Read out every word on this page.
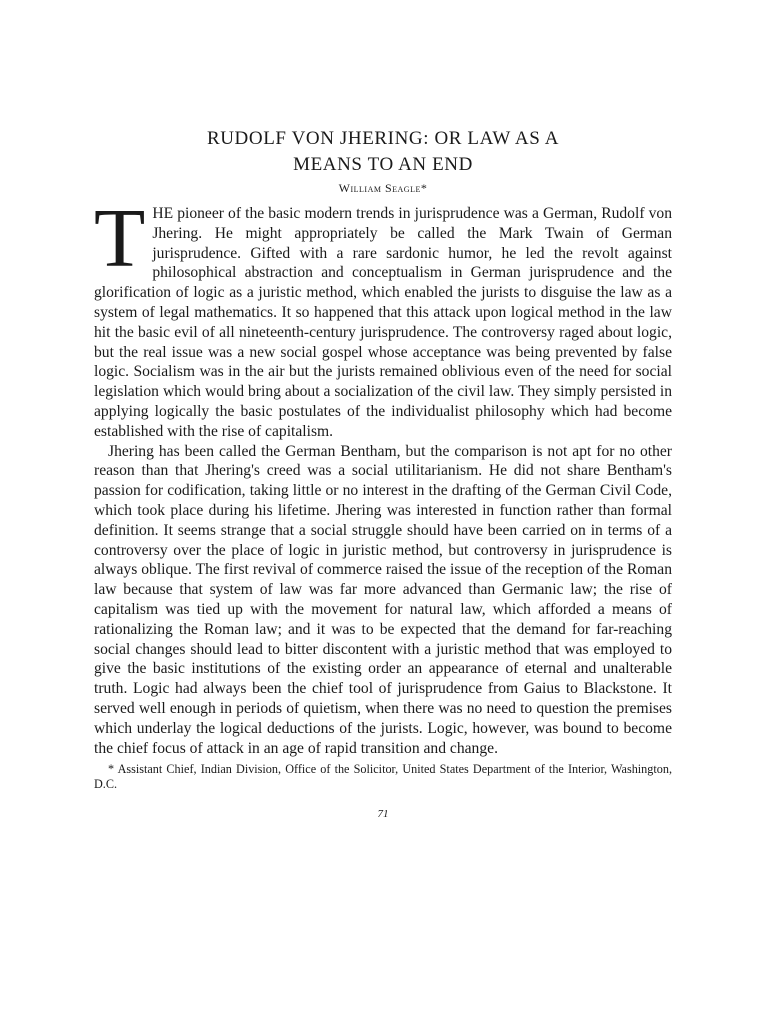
RUDOLF VON JHERING: OR LAW AS A
MEANS TO AN END
William Seagle*

THE pioneer of the basic modern trends in jurisprudence was a German, Rudolf von Jhering. He might appropriately be called the Mark Twain of German jurisprudence. Gifted with a rare sardonic humor, he led the revolt against philosophical abstraction and conceptualism in German jurisprudence and the glorification of logic as a juristic method, which enabled the jurists to disguise the law as a system of legal mathematics. It so happened that this attack upon logical method in the law hit the basic evil of all nineteenth-century jurisprudence. The controversy raged about logic, but the real issue was a new social gospel whose acceptance was being prevented by false logic. Socialism was in the air but the jurists remained oblivious even of the need for social legislation which would bring about a socialization of the civil law. They simply persisted in applying logically the basic postulates of the individualist philosophy which had become established with the rise of capitalism.

Jhering has been called the German Bentham, but the comparison is not apt for no other reason than that Jhering's creed was a social utilitarianism. He did not share Bentham's passion for codification, taking little or no interest in the drafting of the German Civil Code, which took place during his lifetime. Jhering was interested in function rather than formal definition. It seems strange that a social struggle should have been carried on in terms of a controversy over the place of logic in juristic method, but controversy in jurisprudence is always oblique. The first revival of commerce raised the issue of the reception of the Roman law because that system of law was far more advanced than Germanic law; the rise of capitalism was tied up with the movement for natural law, which afforded a means of rationalizing the Roman law; and it was to be expected that the demand for far-reaching social changes should lead to bitter discontent with a juristic method that was employed to give the basic institutions of the existing order an appearance of eternal and unalterable truth. Logic had always been the chief tool of jurisprudence from Gaius to Blackstone. It served well enough in periods of quietism, when there was no need to question the premises which underlay the logical deductions of the jurists. Logic, however, was bound to become the chief focus of attack in an age of rapid transition and change.

* Assistant Chief, Indian Division, Office of the Solicitor, United States Department of the Interior, Washington, D.C.
71
